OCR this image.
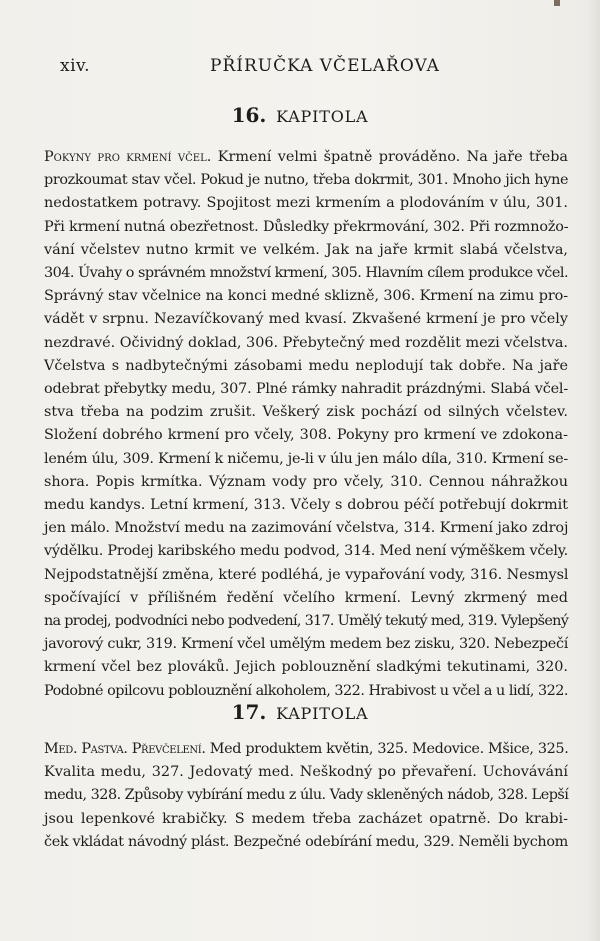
xiv.	PŘÍRUČKA VČELAŘOVA
16. KAPITOLA
Pokyny pro krmení včel. Krmení velmi špatně prováděno. Na jaře třeba
prozkoumat stav včel. Pokud je nutno, třeba dokrmit, 301. Mnoho jich hyne
nedostatkem potravy. Spojitost mezi krmením a plodováním v úlu, 301.
Při krmení nutná obezřetnost. Důsledky překrmování, 302. Při rozmnožo-
vání včelstev nutno krmit ve velkém. Jak na jaře krmit slabá včelstva,
304. Úvahy o správném množství krmení, 305. Hlavním cílem produkce včel.
Správný stav včelnice na konci medné sklizně, 306. Krmení na zimu pro-
vádět v srpnu. Nezavíčkovaný med kvasí. Zkvašené krmení je pro včely
nezdravé. Očividný doklad, 306. Přebytečný med rozdělit mezi včelstva.
Včelstva s nadbytečnými zásobami medu neplodují tak dobře. Na jaře
odebrat přebytky medu, 307. Plné rámky nahradit prázdnými. Slabá včel-
stva třeba na podzim zrušit. Veškerý zisk pochází od silných včelstev.
Složení dobrého krmení pro včely, 308. Pokyny pro krmení ve zdokona-
leném úlu, 309. Krmení k ničemu, je-li v úlu jen málo díla, 310. Krmení se-
shora. Popis krmítka. Význam vody pro včely, 310. Cennou náhražkou
medu kandys. Letní krmení, 313. Včely s dobrou péčí potřebují dokrmit
jen málo. Množství medu na zazimování včelstva, 314. Krmení jako zdroj
výdělku. Prodej karibského medu podvod, 314. Med není výměškem včely.
Nejpodstatnější změna, které podléhá, je vypařování vody, 316. Nesmysl
spočívající v přílišném ředění včelího krmení. Levný zkrmený med
na prodej, podvodníci nebo podvedení, 317. Umělý tekutý med, 319. Vylepšený
javorový cukr, 319. Krmení včel umělým medem bez zisku, 320. Nebezpečí
krmení včel bez plováků. Jejich poblouznění sladkými tekutinami, 320.
Podobné opilcovu poblouznění alkoholem, 322. Hrabivost u včel a u lidí, 322.
17. KAPITOLA
Med. Pastva. Převčelení. Med produktem květin, 325. Medovice. Mšice, 325.
Kvalita medu, 327. Jedovatý med. Neškodný po převaření. Uchovávání
medu, 328. Způsoby vybírání medu z úlu. Vady skleněných nádob, 328. Lepší
jsou lepenkové krabičky. S medem třeba zacházet opatrně. Do krabi-
ček vkládat návodný plást. Bezpečné odebírání medu, 329. Neměli bychom
